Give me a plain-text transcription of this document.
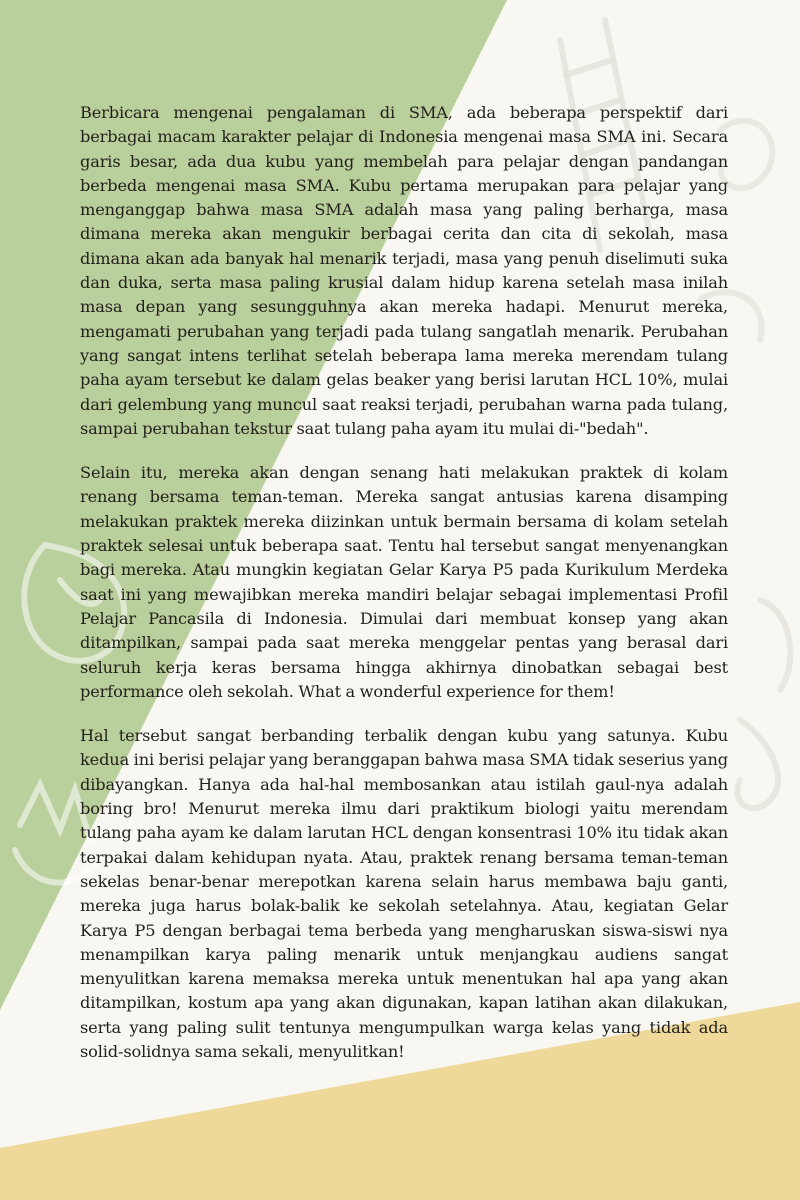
Berbicara mengenai pengalaman di SMA, ada beberapa perspektif dari berbagai macam karakter pelajar di Indonesia mengenai masa SMA ini. Secara garis besar, ada dua kubu yang membelah para pelajar dengan pandangan berbeda mengenai masa SMA. Kubu pertama merupakan para pelajar yang menganggap bahwa masa SMA adalah masa yang paling berharga, masa dimana mereka akan mengukir berbagai cerita dan cita di sekolah, masa dimana akan ada banyak hal menarik terjadi, masa yang penuh diselimuti suka dan duka, serta masa paling krusial dalam hidup karena setelah masa inilah masa depan yang sesungguhnya akan mereka hadapi. Menurut mereka, mengamati perubahan yang terjadi pada tulang sangatlah menarik. Perubahan yang sangat intens terlihat setelah beberapa lama mereka merendam tulang paha ayam tersebut ke dalam gelas beaker yang berisi larutan HCL 10%, mulai dari gelembung yang muncul saat reaksi terjadi, perubahan warna pada tulang, sampai perubahan tekstur saat tulang paha ayam itu mulai di-"bedah".

Selain itu, mereka akan dengan senang hati melakukan praktek di kolam renang bersama teman-teman. Mereka sangat antusias karena disamping melakukan praktek mereka diizinkan untuk bermain bersama di kolam setelah praktek selesai untuk beberapa saat. Tentu hal tersebut sangat menyenangkan bagi mereka. Atau mungkin kegiatan Gelar Karya P5 pada Kurikulum Merdeka saat ini yang mewajibkan mereka mandiri belajar sebagai implementasi Profil Pelajar Pancasila di Indonesia. Dimulai dari membuat konsep yang akan ditampilkan, sampai pada saat mereka menggelar pentas yang berasal dari seluruh kerja keras bersama hingga akhirnya dinobatkan sebagai best performance oleh sekolah. What a wonderful experience for them!

Hal tersebut sangat berbanding terbalik dengan kubu yang satunya. Kubu kedua ini berisi pelajar yang beranggapan bahwa masa SMA tidak seserius yang dibayangkan. Hanya ada hal-hal membosankan atau istilah gaul-nya adalah boring bro! Menurut mereka ilmu dari praktikum biologi yaitu merendam tulang paha ayam ke dalam larutan HCL dengan konsentrasi 10% itu tidak akan terpakai dalam kehidupan nyata. Atau, praktek renang bersama teman-teman sekelas benar-benar merepotkan karena selain harus membawa baju ganti, mereka juga harus bolak-balik ke sekolah setelahnya. Atau, kegiatan Gelar Karya P5 dengan berbagai tema berbeda yang mengharuskan siswa-siswi nya menampilkan karya paling menarik untuk menjangkau audiens sangat menyulitkan karena memaksa mereka untuk menentukan hal apa yang akan ditampilkan, kostum apa yang akan digunakan, kapan latihan akan dilakukan, serta yang paling sulit tentunya mengumpulkan warga kelas yang tidak ada solid-solidnya sama sekali, menyulitkan!
